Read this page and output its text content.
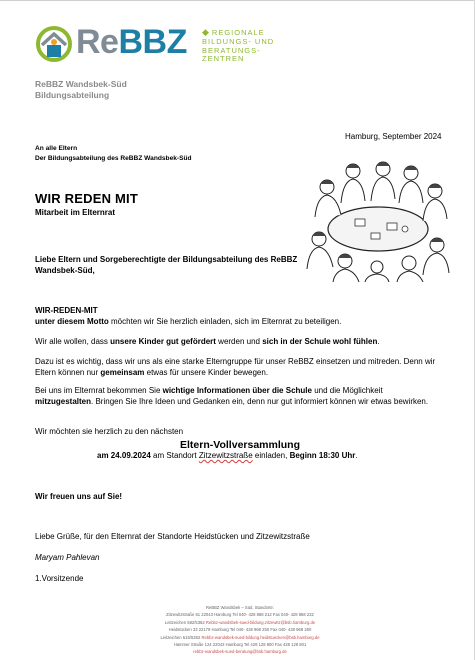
ReBBZ ◆ REGIONALE
BILDUNGS- UND
BERATUNGS-
ZENTREN
ReBBZ Wandsbek-Süd
Bildungsabteilung
Hamburg, September 2024
An alle Eltern
Der Bildungsabteilung des ReBBZ Wandsbek-Süd
WIR REDEN MIT
Mitarbeit im Elternrat
Liebe Eltern und Sorgeberechtigte der Bildungsabteilung des ReBBZ Wandsbek-Süd,
WIR-REDEN-MIT
unter diesem Motto möchten wir Sie herzlich einladen, sich im Elternrat zu beteiligen.
Wir alle wollen, dass unsere Kinder gut gefördert werden und sich in der Schule wohl fühlen.
Dazu ist es wichtig, dass wir uns als eine starke Elterngruppe für unser ReBBZ einsetzen und mitreden. Denn wir Eltern können nur gemeinsam etwas für unsere Kinder bewegen.
Bei uns im Elternrat bekommen Sie wichtige Informationen über die Schule und die Möglichkeit mitzugestalten. Bringen Sie Ihre Ideen und Gedanken ein, denn nur gut informiert können wir etwas bewirken.
Wir möchten sie herzlich zu den nächsten
Eltern-Vollversammlung
am 24.09.2024 am Standort Zitzewitzstraße einladen, Beginn 18:30 Uhr.
Wir freuen uns auf Sie!
Liebe Grüße, für den Elternrat der Standorte Heidstücken und Zitzewitzstraße
Maryam Pahlevan
1.Vorsitzende
ReBBZ Wandsbek – Süd, Standorte:
Zitzewitzstraße 51 22043 Hamburg Tel 040- 428 868 212 Fax 040- 428 868 222
Leitzeichen 582/5362 Rebbz-wandsbek-sued-bildung.zitzewitz@bsb.hamburg.de
Heidstücken 33 22179 Hamburg Tel 040- 428 968 250 Fax 040- 428 968 260
Leitzeichen 515/5362 Rebbz-wandsbek-sued-bildung.heidstuecken@bsb.hamburg.de
Hammer Straße 124 22043 Hamburg Tel 428 128 800 Fax 428 128 801
rebbz-wandsbek-sued-beratung@bsb.hamburg.de
